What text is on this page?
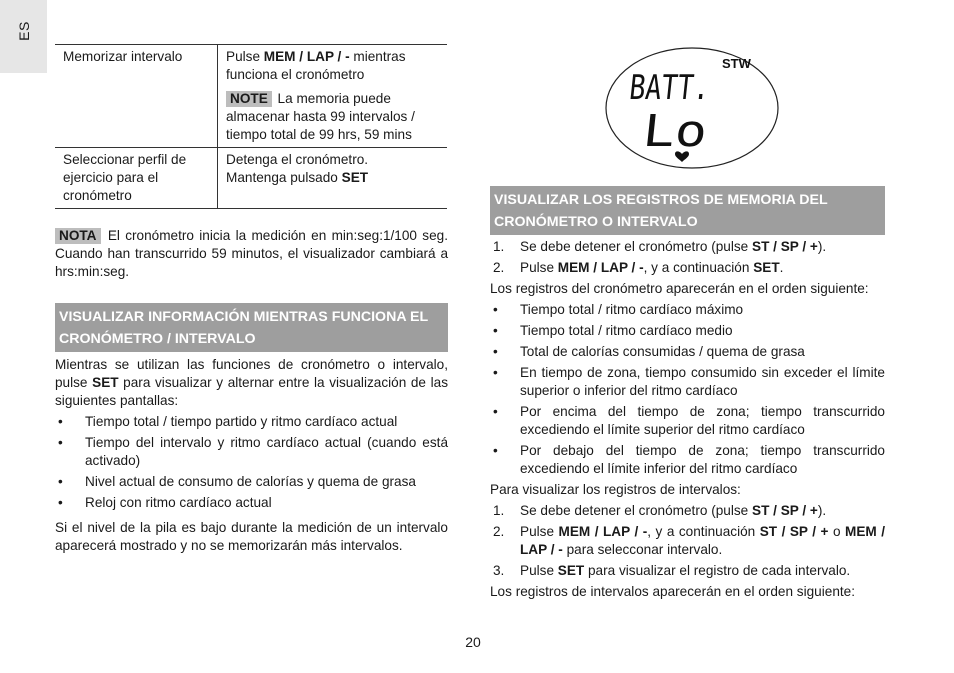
ES
Memorizar intervalo	Pulse MEM / LAP / - mientras funciona el cronómetro
NOTE La memoria puede almacenar hasta 99 intervalos / tiempo total de 99 hrs, 59 mins

Seleccionar perfil de ejercicio para el cronómetro	Detenga el cronómetro.
Mantenga pulsado SET

NOTA El cronómetro inicia la medición en min:seg:1/100 seg. Cuando han transcurrido 59 minutos, el visualizador cambiará a hrs:min:seg.

VISUALIZAR INFORMACIÓN MIENTRAS FUNCIONA EL CRONÓMETRO / INTERVALO

Mientras se utilizan las funciones de cronómetro o intervalo, pulse SET para visualizar y alternar entre la visualización de las siguientes pantallas:

• Tiempo total / tiempo partido y ritmo cardíaco actual
• Tiempo del intervalo y ritmo cardíaco actual (cuando está activado)
• Nivel actual de consumo de calorías y quema de grasa
• Reloj con ritmo cardíaco actual

Si el nivel de la pila es bajo durante la medición de un intervalo aparecerá mostrado y no se memorizarán más intervalos.

STW
BATT.
Lo
VISUALIZAR LOS REGISTROS DE MEMORIA DEL CRONÓMETRO O INTERVALO
1. Se debe detener el cronómetro (pulse ST / SP / +).
2. Pulse MEM / LAP / -, y a continuación SET.

Los registros del cronómetro aparecerán en el orden siguiente:

• Tiempo total / ritmo cardíaco máximo
• Tiempo total / ritmo cardíaco medio
• Total de calorías consumidas / quema de grasa
• En tiempo de zona, tiempo consumido sin exceder el límite superior o inferior del ritmo cardíaco
• Por encima del tiempo de zona; tiempo transcurrido excediendo el límite superior del ritmo cardíaco
• Por debajo del tiempo de zona; tiempo transcurrido excediendo el límite inferior del ritmo cardíaco

Para visualizar los registros de intervalos:

1. Se debe detener el cronómetro (pulse ST / SP / +).
2. Pulse MEM / LAP / -, y a continuación ST / SP / + o MEM / LAP / - para selecconar intervalo.
3. Pulse SET para visualizar el registro de cada intervalo.

Los registros de intervalos aparecerán en el orden siguiente:

20
